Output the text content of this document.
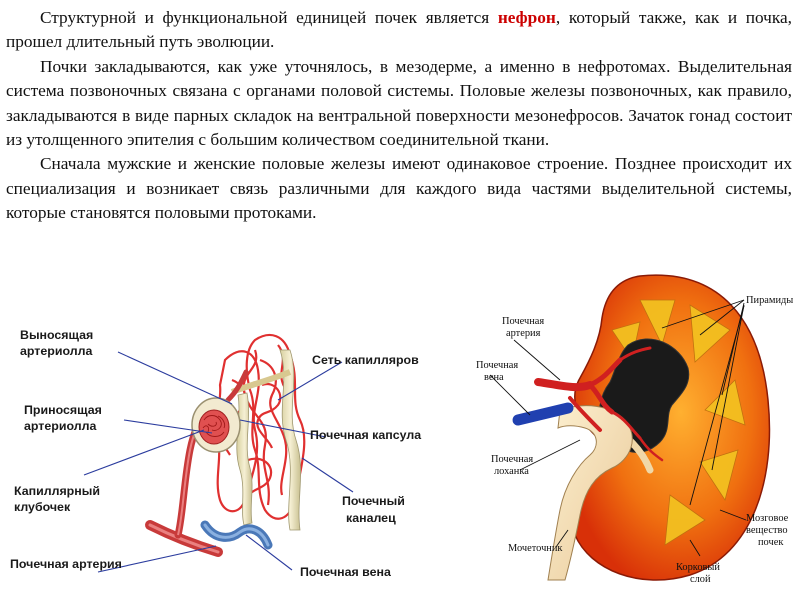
Структурной и функциональной единицей почек является нефрон, который также, как и почка, прошел длительный путь эволюции.

Почки закладываются, как уже уточнялось, в мезодерме, а именно в нефротомах. Выделительная система позвоночных связана с органами половой системы. Половые железы позвоночных, как правило, закладываются в виде парных складок на вентральной поверхности мезонефросов. Зачаток гонад состоит из утолщенного эпителия с большим количеством соединительной ткани.

Сначала мужские и женские половые железы имеют одинаковое строение. Позднее происходит их специализация и возникает связь различными для каждого вида частями выделительной системы, которые становятся половыми протоками.

Выносящая
артериолла
Приносящая
артериолла
Капиллярный
клубочек
Почечная артерия
Сеть капилляров
Почечная капсула
Почечный
каналец
Почечная вена
Пирамиды
Почечная
артерия
Почечная
вена
Почечная
лоханка
Мочеточник
Корковый
слой
Мозговое
вещество
почек
